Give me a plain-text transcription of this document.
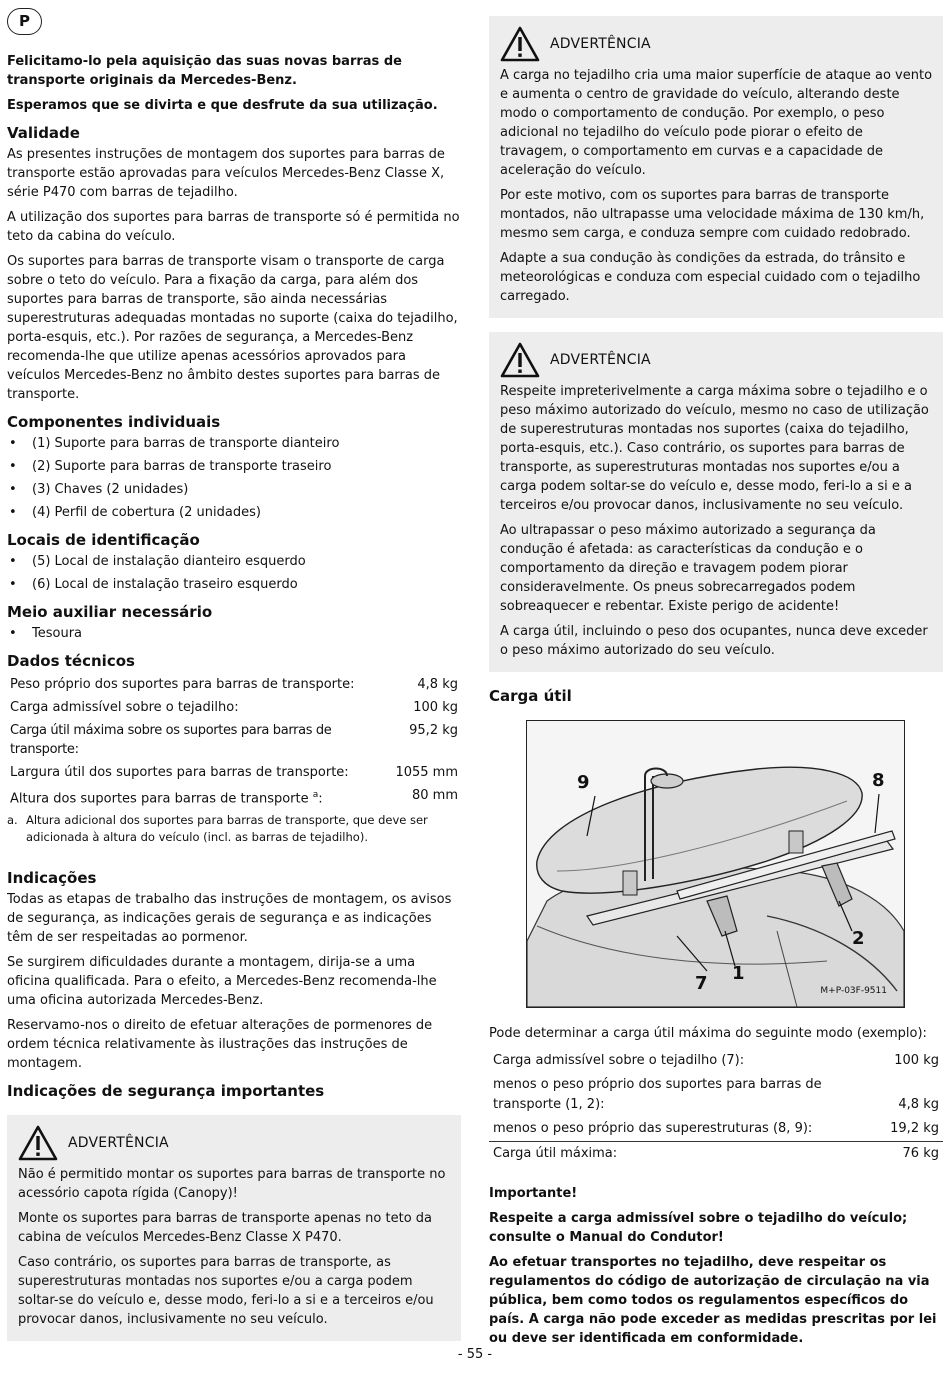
P

Felicitamo-lo pela aquisição das suas novas barras de transporte originais da Mercedes-Benz.

Esperamos que se divirta e que desfrute da sua utilização.

Validade

As presentes instruções de montagem dos suportes para barras de transporte estão aprovadas para veículos Mercedes-Benz Classe X, série P470 com barras de tejadilho.

A utilização dos suportes para barras de transporte só é permitida no teto da cabina do veículo.

Os suportes para barras de transporte visam o transporte de carga sobre o teto do veículo. Para a fixação da carga, para além dos suportes para barras de transporte, são ainda necessárias superestruturas adequadas montadas no suporte (caixa do tejadilho, porta-esquis, etc.). Por razões de segurança, a Mercedes-Benz recomenda-lhe que utilize apenas acessórios aprovados para veículos Mercedes-Benz no âmbito destes suportes para barras de transporte.

Componentes individuais
• (1) Suporte para barras de transporte dianteiro
• (2) Suporte para barras de transporte traseiro
• (3) Chaves (2 unidades)
• (4) Perfil de cobertura (2 unidades)
Locais de identificação
• (5) Local de instalação dianteiro esquerdo
• (6) Local de instalação traseiro esquerdo
Meio auxiliar necessário
• Tesoura
Dados técnicos
Peso próprio dos suportes para barras de transporte:	4,8 kg
Carga admissível sobre o tejadilho:	100 kg
Carga útil máxima sobre os suportes para barras de transporte:	95,2 kg
Largura útil dos suportes para barras de transporte:	1055 mm
Altura dos suportes para barras de transporte $^a$:	80 mm
a. Altura adicional dos suportes para barras de transporte, que deve ser adicionada à altura do veículo (incl. as barras de tejadilho).
Indicações

Todas as etapas de trabalho das instruções de montagem, os avisos de segurança, as indicações gerais de segurança e as indicações têm de ser respeitadas ao pormenor.

Se surgirem dificuldades durante a montagem, dirija-se a uma oficina qualificada. Para o efeito, a Mercedes-Benz recomenda-lhe uma oficina autorizada Mercedes-Benz.

Reservamo-nos o direito de efetuar alterações de pormenores de ordem técnica relativamente às ilustrações das instruções de montagem.

Indicações de segurança importantes
ADVERTÊNCIA

Não é permitido montar os suportes para barras de transporte no acessório capota rígida (Canopy)!

Monte os suportes para barras de transporte apenas no teto da cabina de veículos Mercedes-Benz Classe X P470.

Caso contrário, os suportes para barras de transporte, as superestruturas montadas nos suportes e/ou a carga podem soltar-se do veículo e, desse modo, feri-lo a si e a terceiros e/ou provocar danos, inclusivamente no seu veículo.

ADVERTÊNCIA

A carga no tejadilho cria uma maior superfície de ataque ao vento e aumenta o centro de gravidade do veículo, alterando deste modo o comportamento de condução. Por exemplo, o peso adicional no tejadilho do veículo pode piorar o efeito de travagem, o comportamento em curvas e a capacidade de aceleração do veículo.

Por este motivo, com os suportes para barras de transporte montados, não ultrapasse uma velocidade máxima de 130 km/h, mesmo sem carga, e conduza sempre com cuidado redobrado.

Adapte a sua condução às condições da estrada, do trânsito e meteorológicas e conduza com especial cuidado com o tejadilho carregado.

ADVERTÊNCIA

Respeite impreterivelmente a carga máxima sobre o tejadilho e o peso máximo autorizado do veículo, mesmo no caso de utilização de superestruturas montadas nos suportes (caixa do tejadilho, porta-esquis, etc.). Caso contrário, os suportes para barras de transporte, as superestruturas montadas nos suportes e/ou a carga podem soltar-se do veículo e, desse modo, feri-lo a si e a terceiros e/ou provocar danos, inclusivamente no seu veículo.

Ao ultrapassar o peso máximo autorizado a segurança da condução é afetada: as características da condução e o comportamento da direção e travagem podem piorar consideravelmente. Os pneus sobrecarregados podem sobreaquecer e rebentar. Existe perigo de acidente!

A carga útil, incluindo o peso dos ocupantes, nunca deve exceder o peso máximo autorizado do seu veículo.

Carga útil
9	8
2
7 1
M+P-03F-9511

Pode determinar a carga útil máxima do seguinte modo (exemplo):

Carga admissível sobre o tejadilho (7):	100 kg
menos o peso próprio dos suportes para barras de transporte (1, 2):	4,8 kg
menos o peso próprio das superestruturas (8, 9):	19,2 kg
Carga útil máxima:	76 kg

Importante!

Respeite a carga admissível sobre o tejadilho do veículo; consulte o Manual do Condutor!

Ao efetuar transportes no tejadilho, deve respeitar os regulamentos do código de autorização de circulação na via pública, bem como todos os regulamentos específicos do país. A carga não pode exceder as medidas prescritas por lei ou deve ser identificada em conformidade.

- 55 -
